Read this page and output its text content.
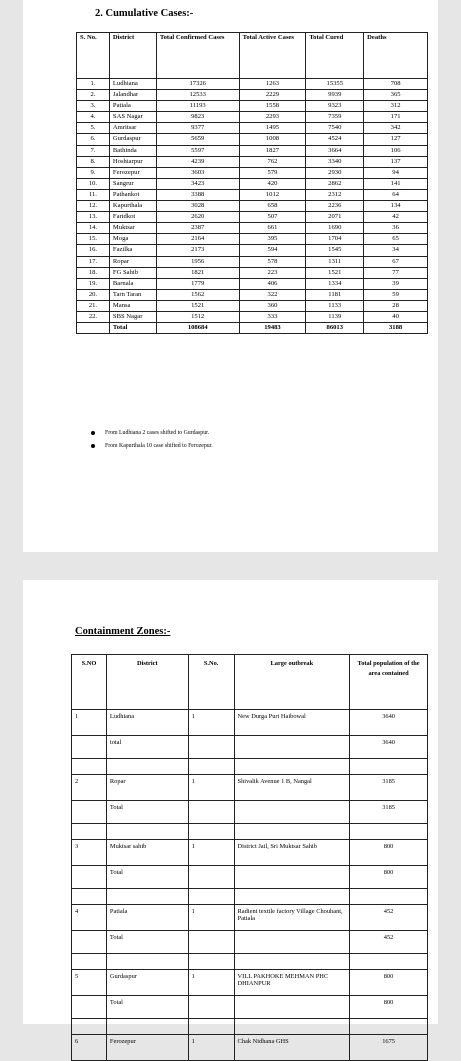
2. Cumulative Cases:-
S. No.	District	Total Confirmed Cases	Total Active Cases	Total Cured	Deaths
1.	Ludhiana	17326	1263	15355	708
2.	Jalandhar	12533	2229	9939	365
3.	Patiala	11193	1558	9323	312
4.	SAS Nagar	9823	2293	7359	171
5.	Amritsar	9377	1495	7540	342
6.	Gurdaspur	5659	1008	4524	127
7.	Bathinda	5597	1827	3664	106
8.	Hoshiarpur	4239	762	3340	137
9.	Ferozepur	3603	579	2930	94
10.	Sangrur	3423	420	2862	141
11.	Pathankot	3388	1012	2312	64
12.	Kapurthala	3028	658	2236	134
13.	Faridkot	2620	507	2071	42
14.	Muktsar	2387	661	1690	36
15.	Moga	2164	395	1704	65
16.	Fazilka	2173	594	1545	34
17.	Ropar	1956	578	1311	67
18.	FG Sahib	1821	223	1521	77
19.	Barnala	1779	406	1334	39
20.	Tarn Taran	1562	322	1181	59
21.	Mansa	1521	360	1133	28
22.	SBS Nagar	1512	333	1139	40
	Total	108684	19483	86013	3188
From Ludhiana 2 cases shifted to Gurdaspur.
From Kapurthala 10 case shifted to Ferozepur.
Containment Zones:-
S.NO	District	S.No.	Large outbreak	Total population of the area contained
1	Ludhiana	1	New Durga Puri Haibowal	3640
	total			3640

2	Ropar	1	Shivalik Avenue 1 B, Nangal	3185
	Total			3185

3	Muktsar sahib	1	District Jail, Sri Muktsar Sahib	800
	Total			800

4	Patiala	1	Radient textile factory Village Chouhant, Patiala	452
	Total			452

5	Gurdaspur	1	VILL PAKHOKE MEHMAN PHC DHIANPUR	800
	Total			800

6	Ferozepur	1	Chak Nidhana GHS	1675
